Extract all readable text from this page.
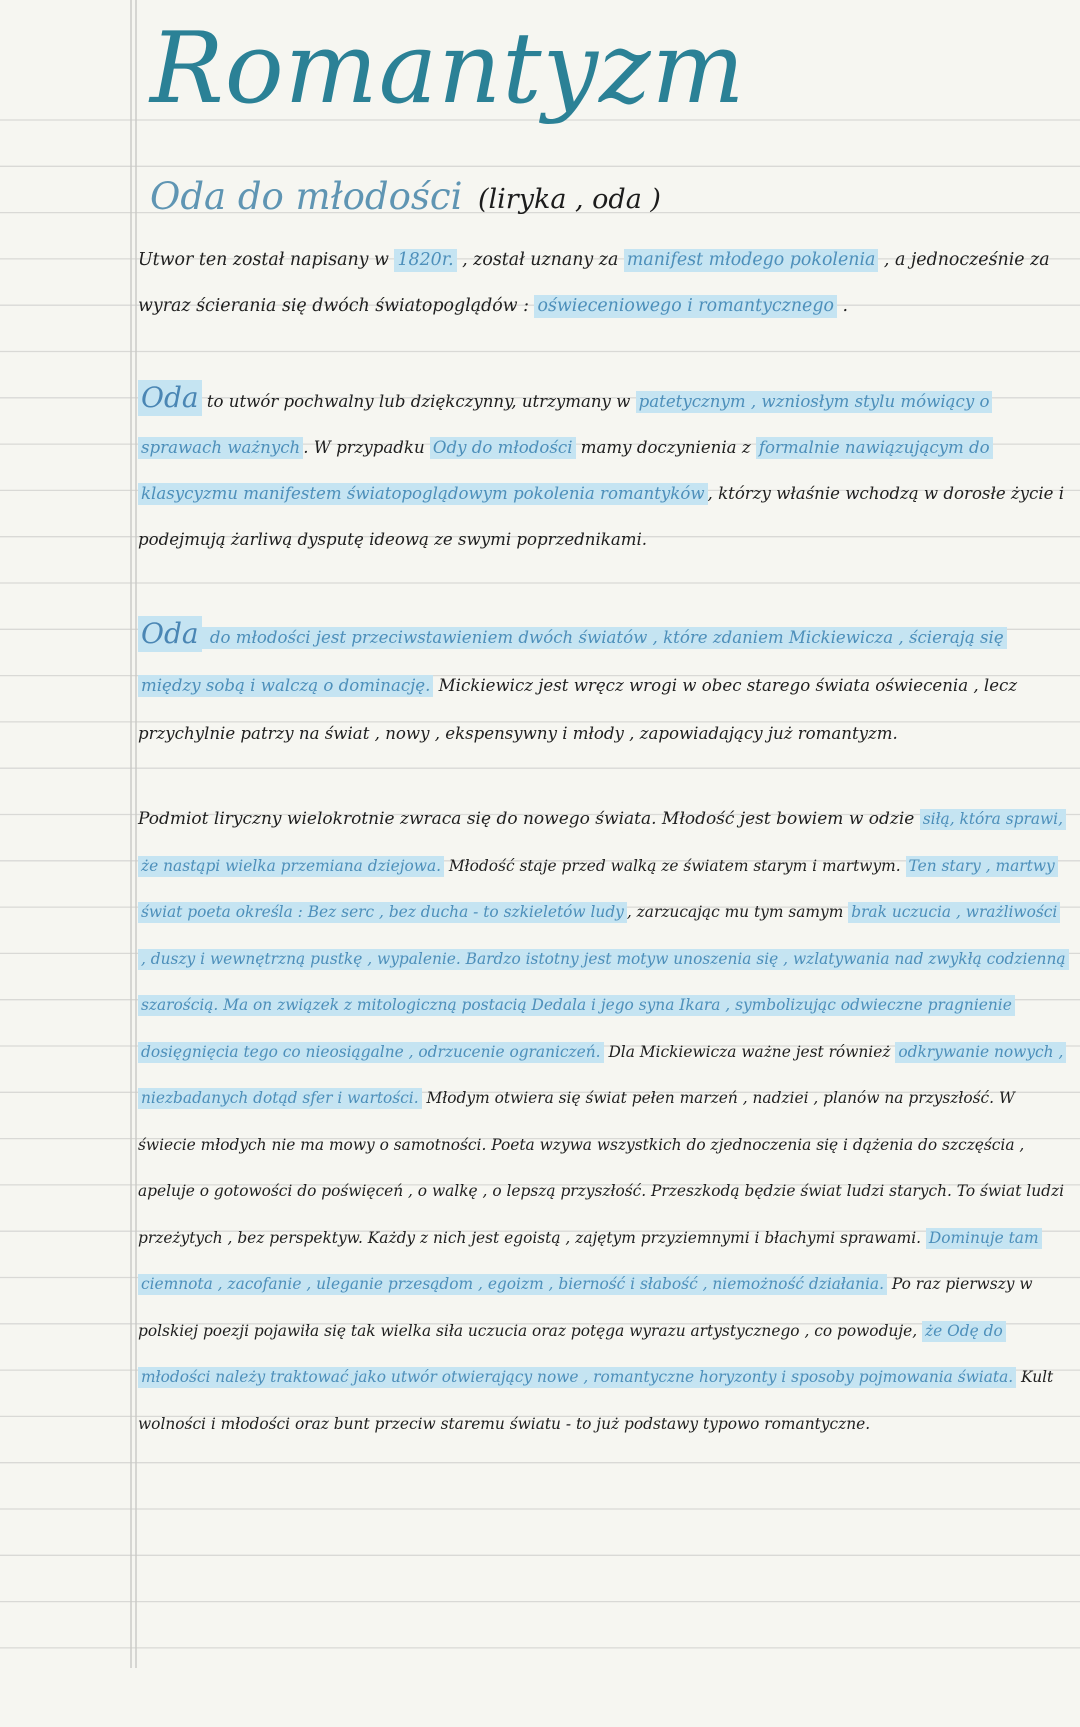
Romantyzm
Oda do młodości (liryka , oda )
Utwor ten został napisany w 1820r. , został uznany za manifest młodego pokolenia , a jednocześnie za wyraz ścierania się dwóch światopoglądów : oświeceniowego i romantycznego .
Oda to utwór pochwalny lub dziękczynny, utrzymany w patetycznym , wzniosłym stylu mówiący o sprawach ważnych . W przypadku Ody do młodości mamy doczynienia z formalnie nawiązującym do klasycyzmu manifestem światopoglądowym pokolenia romantyków , którzy właśnie wchodzą w dorosłe życie i podejmują żarliwą dysputę ideową ze swymi poprzednikami.
Oda do młodości jest przeciwstawieniem dwóch światów , które zdaniem Mickiewicza , ścierają się między sobą i walczą o dominację. Mickiewicz jest wręcz wrogi w obec starego świata oświecenia , lecz przychylnie patrzy na świat , nowy , ekspensywny i młody , zapowiadający już romantyzm.
Podmiot liryczny wielokrotnie zwraca się do nowego świata. Młodość jest bowiem w odzie siłą, która sprawi, że nastąpi wielka przemiana dziejowa. Młodość staje przed walką ze światem starym i martwym. Ten stary , martwy świat poeta określa : Bez serc , bez ducha - to szkieletów ludy , zarzucając mu tym samym brak uczucia , wrażliwości , duszy i wewnętrzną pustkę , wypalenie. Bardzo istotny jest motyw unoszenia się , wzlatywania nad zwykłą codzienną szarością. Ma on związek z mitologiczną postacią Dedala i jego syna Ikara , symbolizując odwieczne pragnienie dosięgnięcia tego co nieosiągalne , odrzucenie ograniczeń. Dla Mickiewicza ważne jest również odkrywanie nowych , niezbadanych dotąd sfer i wartości. Młodym otwiera się świat pełen marzeń , nadziei , planów na przyszłość. W świecie młodych nie ma mowy o samotności. Poeta wzywa wszystkich do zjednoczenia się i dążenia do szczęścia , apeluje o gotowości do poświęceń , o walkę , o lepszą przyszłość. Przeszkodą będzie świat ludzi starych. To świat ludzi przeżytych , bez perspektyw. Każdy z nich jest egoistą , zajętym przyziemnymi i błachymi sprawami. Dominuje tam ciemnota , zacofanie , uleganie przesądom , egoizm , bierność i słabość , niemożność działania. Po raz pierwszy w polskiej poezji pojawiła się tak wielka siła uczucia oraz potęga wyrazu artystycznego , co powoduje, że Odę do młodości należy traktować jako utwór otwierający nowe , romantyczne horyzonty i sposoby pojmowania świata. Kult wolności i młodości oraz bunt przeciw staremu światu - to już podstawy typowo romantyczne.
